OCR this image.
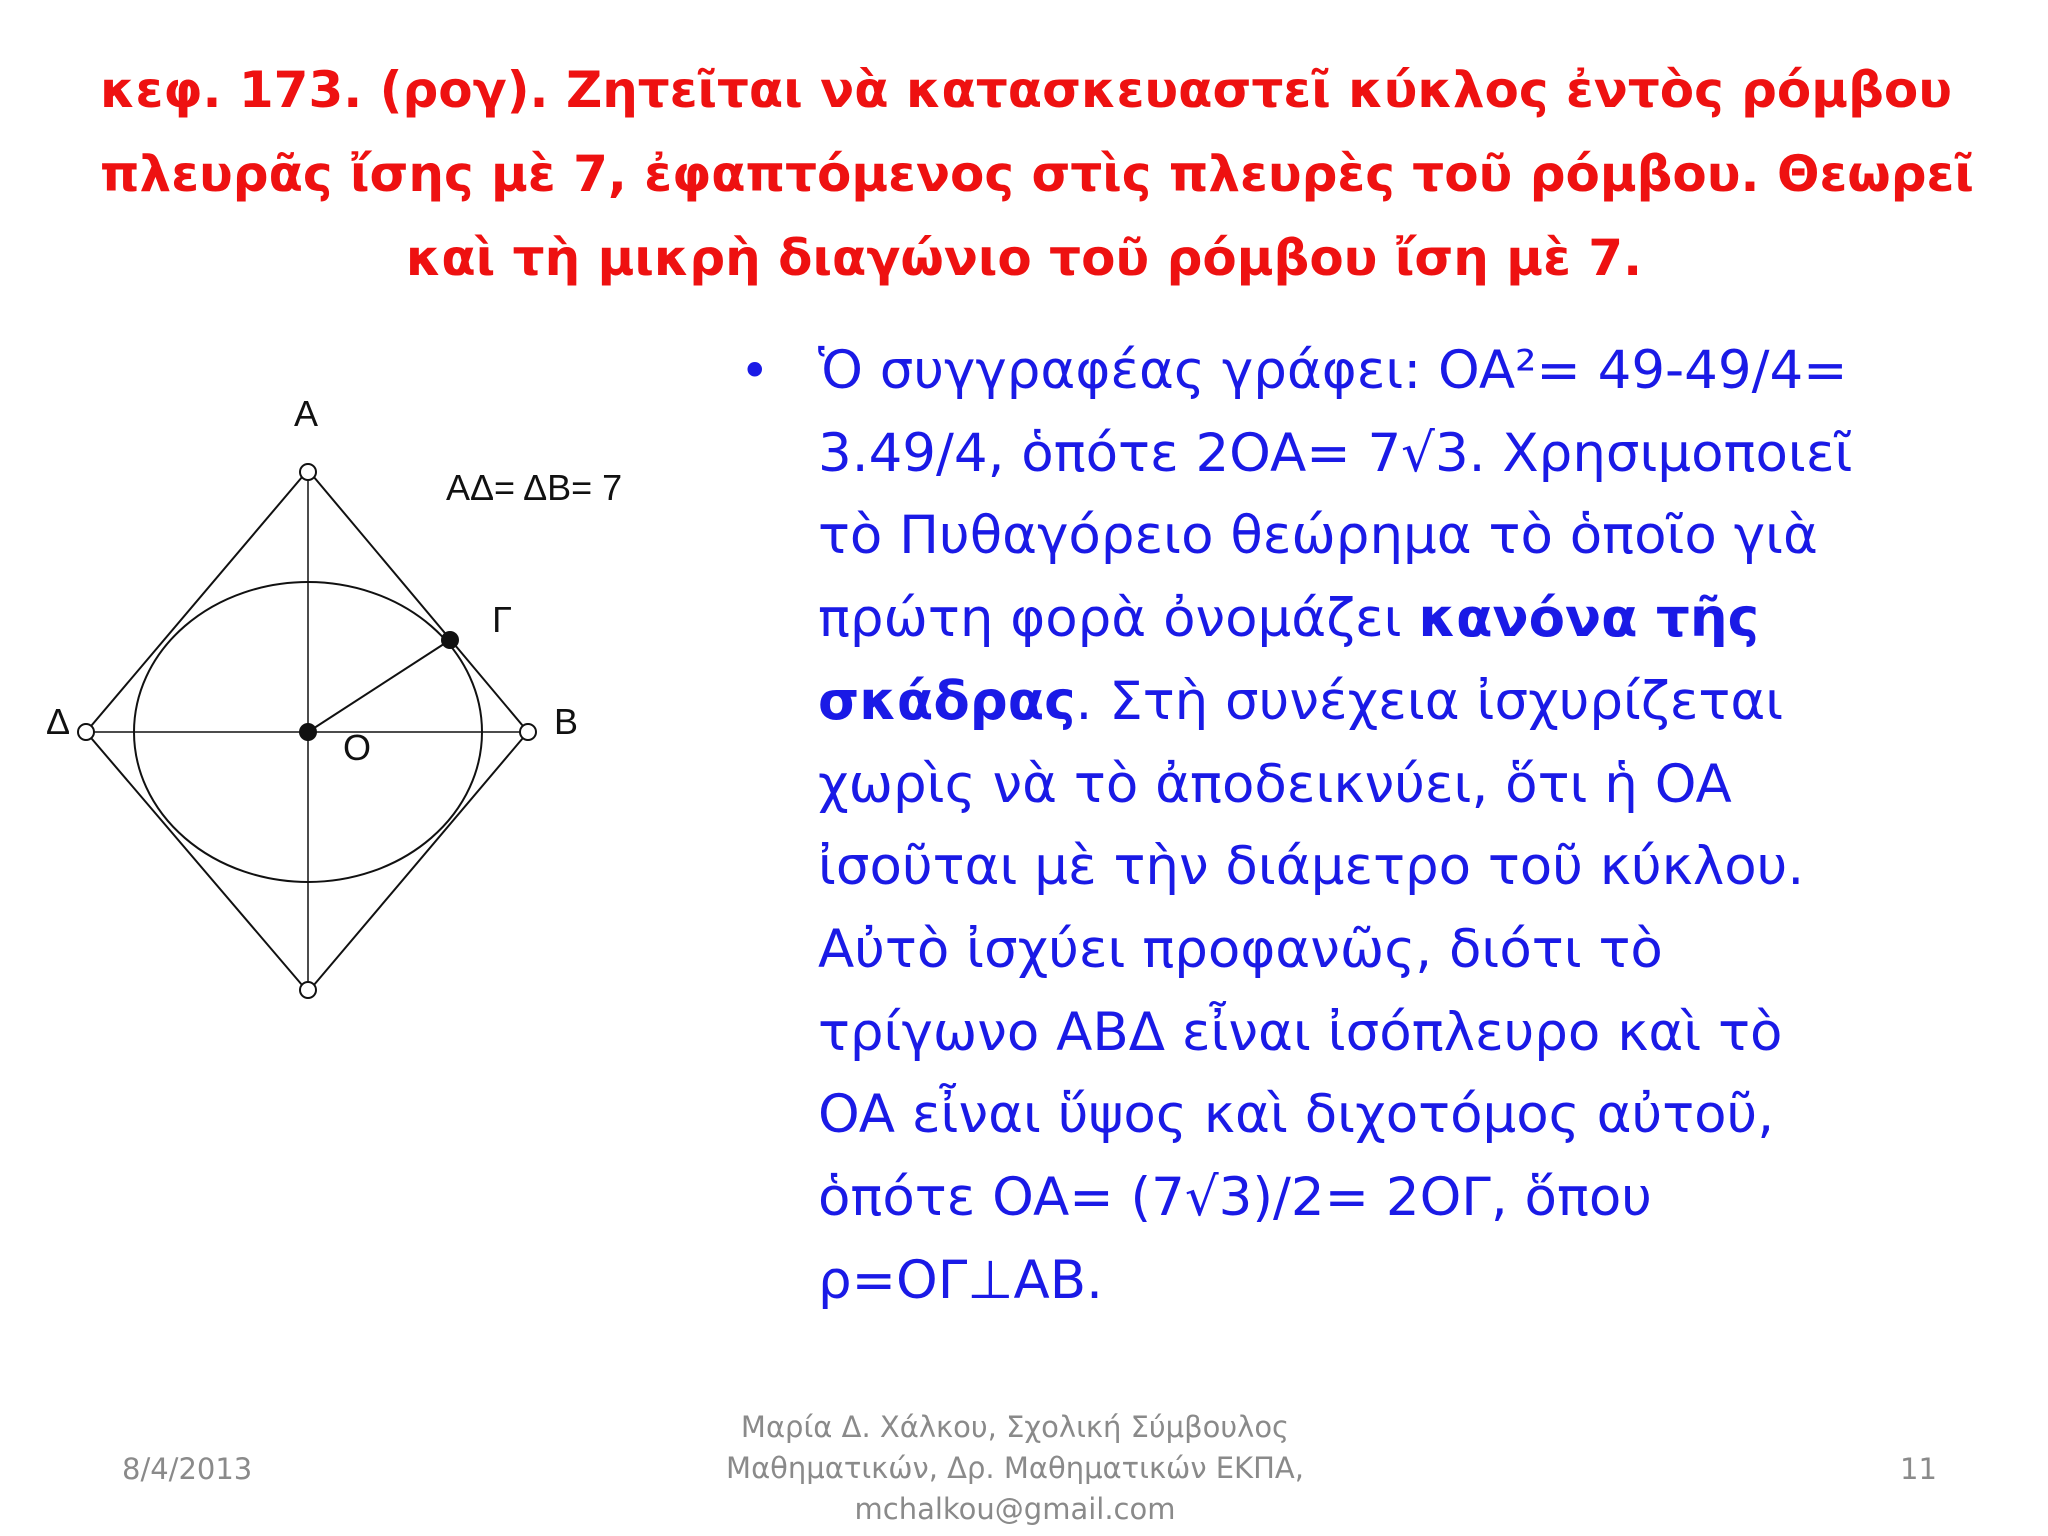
κεφ. 173. (ρογ). Ζητεῖται νὰ κατασκευαστεῖ κύκλος ἐντὸς ρόμβου
πλευρᾶς ἴσης μὲ 7, ἐφαπτόμενος στὶς πλευρὲς τοῦ ρόμβου. Θεωρεῖ
καὶ τὴ μικρὴ διαγώνιο τοῦ ρόμβου ἴση μὲ 7.
A
B
Γ
Δ
O
AΔ= ΔB= 7
• Ὁ συγγραφέας γράφει: OA²= 49-49/4=
3.49/4, ὁπότε 2OA= 7√3. Χρησιμοποιεῖ
τὸ Πυθαγόρειο θεώρημα τὸ ὁποῖο γιὰ
πρώτη φορὰ ὀνομάζει κανόνα τῆς
σκάδρας. Στὴ συνέχεια ἰσχυρίζεται
χωρὶς νὰ τὸ ἀποδεικνύει, ὅτι ἡ OA
ἰσοῦται μὲ τὴν διάμετρο τοῦ κύκλου.
Αὐτὸ ἰσχύει προφανῶς, διότι τὸ
τρίγωνο ABΔ εἶναι ἰσόπλευρο καὶ τὸ
OA εἶναι ὕψος καὶ διχοτόμος αὐτοῦ,
ὁπότε OA= (7√3)/2= 2OΓ, ὅπου
ρ=OΓ⊥AB.
8/4/2013
Μαρία Δ. Χάλκου, Σχολική Σύμβουλος
Μαθηματικών, Δρ. Μαθηματικών ΕΚΠΑ,
mchalkou@gmail.com
11
